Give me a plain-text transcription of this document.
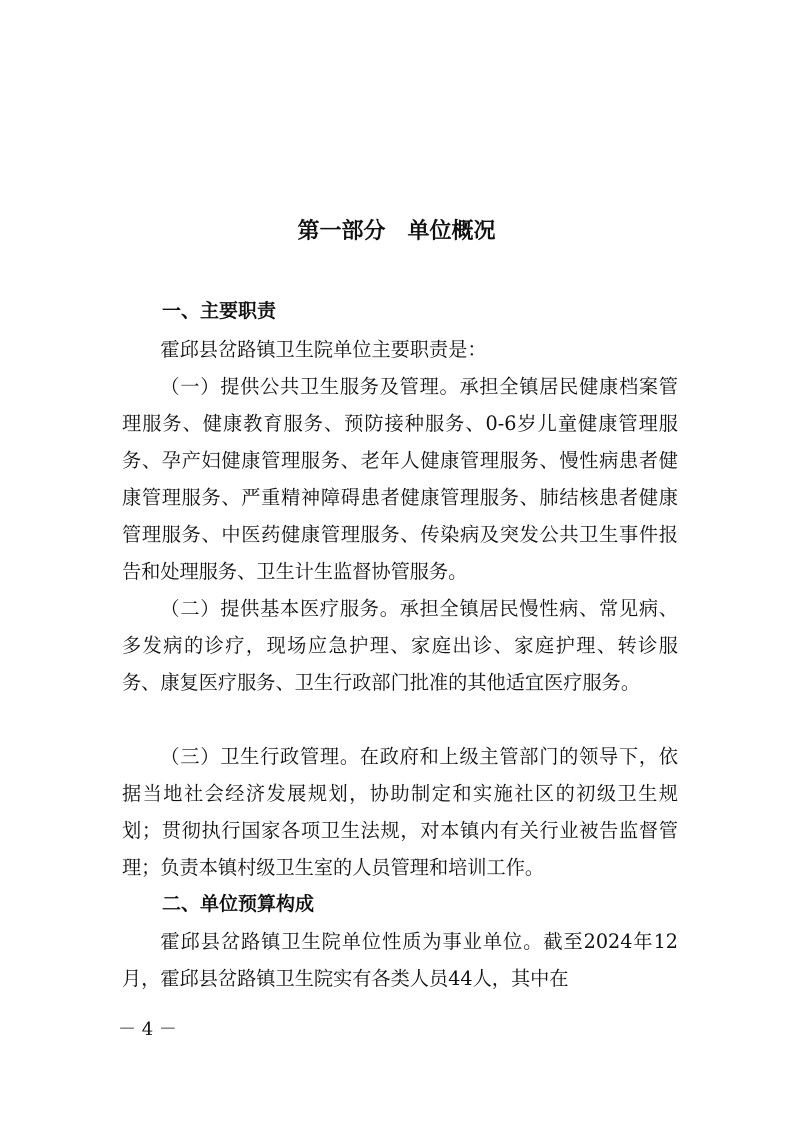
第一部分　单位概况
一、主要职责

霍邱县岔路镇卫生院单位主要职责是：

（一）提供公共卫生服务及管理。承担全镇居民健康档案管理服务、健康教育服务、预防接种服务、0-6岁儿童健康管理服务、孕产妇健康管理服务、老年人健康管理服务、慢性病患者健康管理服务、严重精神障碍患者健康管理服务、肺结核患者健康管理服务、中医药健康管理服务、传染病及突发公共卫生事件报告和处理服务、卫生计生监督协管服务。

（二）提供基本医疗服务。承担全镇居民慢性病、常见病、多发病的诊疗，现场应急护理、家庭出诊、家庭护理、转诊服务、康复医疗服务、卫生行政部门批准的其他适宜医疗服务。

（三）卫生行政管理。在政府和上级主管部门的领导下，依据当地社会经济发展规划，协助制定和实施社区的初级卫生规划；贯彻执行国家各项卫生法规，对本镇内有关行业被告监督管理；负责本镇村级卫生室的人员管理和培训工作。

二、单位预算构成

霍邱县岔路镇卫生院单位性质为事业单位。截至2024年12月，霍邱县岔路镇卫生院实有各类人员44人，其中在

－ 4 －
